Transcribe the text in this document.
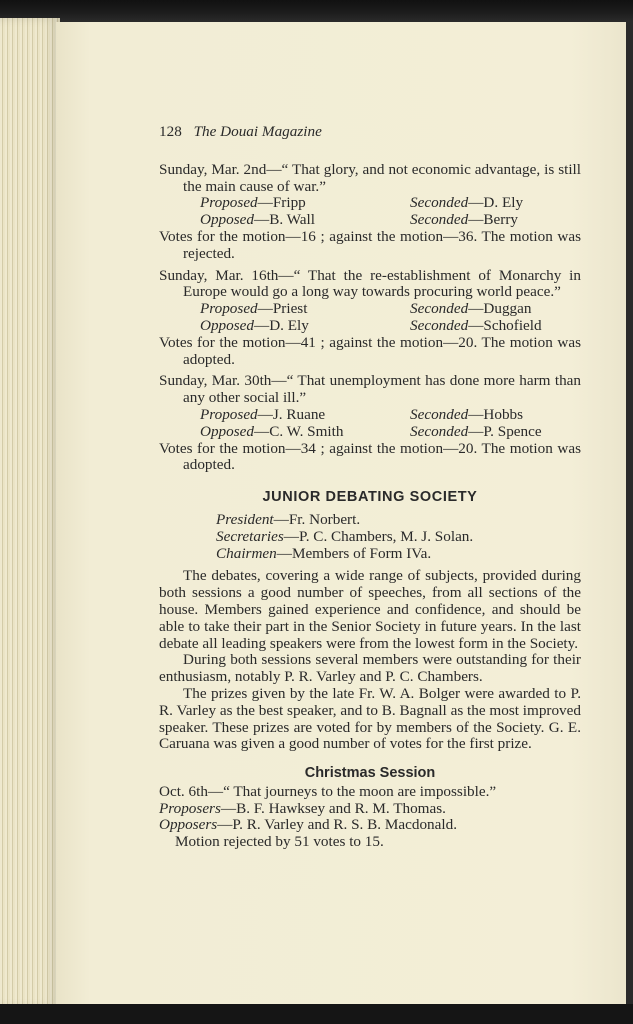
128 The Douai Magazine
Sunday, Mar. 2nd—“ That glory, and not economic advantage, is still the main cause of war.”
Proposed—Fripp	Seconded—D. Ely
Opposed—B. Wall	Seconded—Berry
Votes for the motion—16 ; against the motion—36. The motion was rejected.
Sunday, Mar. 16th—“ That the re-establishment of Monarchy in Europe would go a long way towards procuring world peace.”
Proposed—Priest	Seconded—Duggan
Opposed—D. Ely	Seconded—Schofield
Votes for the motion—41 ; against the motion—20. The motion was adopted.
Sunday, Mar. 30th—“ That unemployment has done more harm than any other social ill.”
Proposed—J. Ruane	Seconded—Hobbs
Opposed—C. W. Smith	Seconded—P. Spence
Votes for the motion—34 ; against the motion—20. The motion was adopted.
JUNIOR DEBATING SOCIETY
President—Fr. Norbert.
Secretaries—P. C. Chambers, M. J. Solan.
Chairmen—Members of Form IVa.
The debates, covering a wide range of subjects, provided during both sessions a good number of speeches, from all sections of the house. Members gained experience and confidence, and should be able to take their part in the Senior Society in future years. In the last debate all leading speakers were from the lowest form in the Society.
During both sessions several members were outstanding for their enthusiasm, notably P. R. Varley and P. C. Chambers.
The prizes given by the late Fr. W. A. Bolger were awarded to P. R. Varley as the best speaker, and to B. Bagnall as the most improved speaker. These prizes are voted for by members of the Society. G. E. Caruana was given a good number of votes for the first prize.
Christmas Session
Oct. 6th—“ That journeys to the moon are impossible.”
Proposers—B. F. Hawksey and R. M. Thomas.
Opposers—P. R. Varley and R. S. B. Macdonald.
Motion rejected by 51 votes to 15.
